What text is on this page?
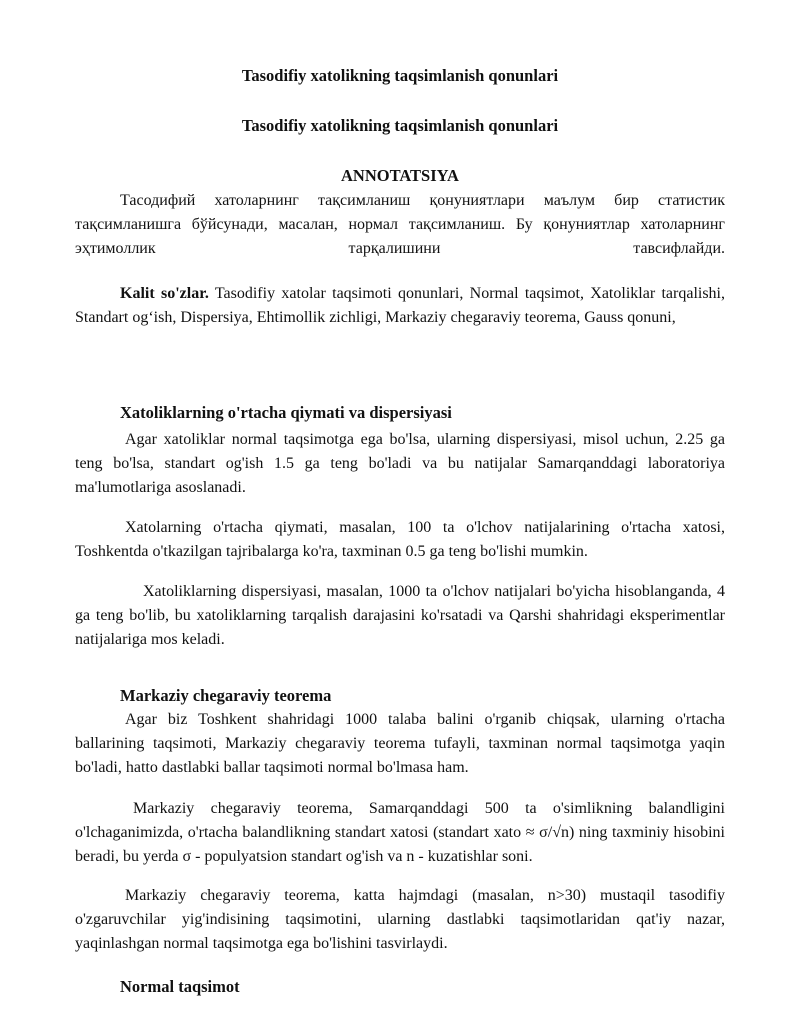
Tasodifiy xatolikning taqsimlanish qonunlari
Tasodifiy xatolikning taqsimlanish qonunlari
ANNOTATSIYA

Тасодифий хатоларнинг тақсимланиш қонуниятлари маълум бир статистик тақсимланишга бўйсунади, масалан, нормал тақсимланиш. Бу қонуниятлар хатоларнинг эҳтимоллик тарқалишини тавсифлайди.

Kalit so'zlar. Tasodifiy xatolar taqsimoti qonunlari, Normal taqsimot, Xatoliklar tarqalishi, Standart og‘ish, Dispersiya, Ehtimollik zichligi, Markaziy chegaraviy teorema, Gauss qonuni,

Xatoliklarning o'rtacha qiymati va dispersiyasi

Agar xatoliklar normal taqsimotga ega bo'lsa, ularning dispersiyasi, misol uchun, 2.25 ga teng bo'lsa, standart og'ish 1.5 ga teng bo'ladi va bu natijalar Samarqanddagi laboratoriya ma'lumotlariga asoslanadi.

Xatolarning o'rtacha qiymati, masalan, 100 ta o'lchov natijalarining o'rtacha xatosi, Toshkentda o'tkazilgan tajribalarga ko'ra, taxminan 0.5 ga teng bo'lishi mumkin.

Xatoliklarning dispersiyasi, masalan, 1000 ta o'lchov natijalari bo'yicha hisoblanganda, 4 ga teng bo'lib, bu xatoliklarning tarqalish darajasini ko'rsatadi va Qarshi shahridagi eksperimentlar natijalariga mos keladi.

Markaziy chegaraviy teorema

Agar biz Toshkent shahridagi 1000 talaba balini o'rganib chiqsak, ularning o'rtacha ballarining taqsimoti, Markaziy chegaraviy teorema tufayli, taxminan normal taqsimotga yaqin bo'ladi, hatto dastlabki ballar taqsimoti normal bo'lmasa ham.

Markaziy chegaraviy teorema, Samarqanddagi 500 ta o'simlikning balandligini o'lchaganimizda, o'rtacha balandlikning standart xatosi (standart xato ≈ σ/√n) ning taxminiy hisobini beradi, bu yerda σ - populyatsion standart og'ish va n - kuzatishlar soni.

Markaziy chegaraviy teorema, katta hajmdagi (masalan, n>30) mustaqil tasodifiy o'zgaruvchilar yig'indisining taqsimotini, ularning dastlabki taqsimotlaridan qat'iy nazar, yaqinlashgan normal taqsimotga ega bo'lishini tasvirlaydi.

Normal taqsimot
